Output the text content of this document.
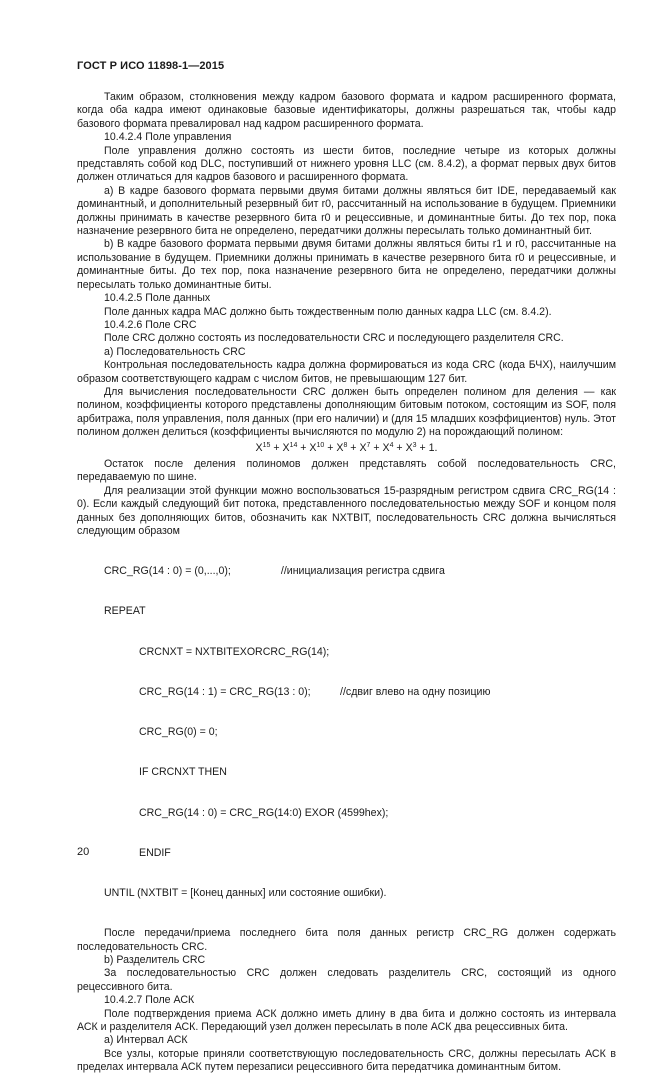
ГОСТ Р ИСО 11898-1—2015

Таким образом, столкновения между кадром базового формата и кадром расширенного формата, когда оба кадра имеют одинаковые базовые идентификаторы, должны разрешаться так, чтобы кадр базового формата превалировал над кадром расширенного формата.

10.4.2.4 Поле управления

Поле управления должно состоять из шести битов, последние четыре из которых должны представлять собой код DLC, поступивший от нижнего уровня LLC (см. 8.4.2), а формат первых двух битов должен отличаться для кадров базового и расширенного формата.

a) В кадре базового формата первыми двумя битами должны являться бит IDE, передаваемый как доминантный, и дополнительный резервный бит r0, рассчитанный на использование в будущем. Приемники должны принимать в качестве резервного бита r0 и рецессивные, и доминантные биты. До тех пор, пока назначение резервного бита не определено, передатчики должны пересылать только доминантный бит.

b) В кадре базового формата первыми двумя битами должны являться биты r1 и r0, рассчитанные на использование в будущем. Приемники должны принимать в качестве резервного бита r0 и рецессивные, и доминантные биты. До тех пор, пока назначение резервного бита не определено, передатчики должны пересылать только доминантные биты.

10.4.2.5 Поле данных

Поле данных кадра МАС должно быть тождественным полю данных кадра LLC (см. 8.4.2).

10.4.2.6 Поле CRC

Поле CRC должно состоять из последовательности CRC и последующего разделителя CRC.

a) Последовательность CRC

Контрольная последовательность кадра должна формироваться из кода CRC (кода БЧХ), наилучшим образом соответствующего кадрам с числом битов, не превышающим 127 бит.

Для вычисления последовательности CRC должен быть определен полином для деления — как полином, коэффициенты которого представлены дополняющим битовым потоком, состоящим из SOF, поля арбитража, поля управления, поля данных (при его наличии) и (для 15 младших коэффициентов) нуль. Этот полином должен делиться (коэффициенты вычисляются по модулю 2) на порождающий полином:

$X^{15} + X^{14} + X^{10} + X^8 + X^7 + X^4 + X^3 + 1$.

Остаток после деления полиномов должен представлять собой последовательность CRC, передаваемую по шине.

Для реализации этой функции можно воспользоваться 15-разрядным регистром сдвига CRC_RG(14 : 0). Если каждый следующий бит потока, представленного последовательностью между SOF и концом поля данных без дополняющих битов, обозначить как NXTBIT, последовательность CRC должна вычисляться следующим образом

CRC_RG(14 : 0) = (0,...,0);                 //инициализация регистра сдвига

REPEAT

CRCNXT = NXTBITEXORCRC_RG(14);

CRC_RG(14 : 1) = CRC_RG(13 : 0);          //сдвиг влево на одну позицию

CRC_RG(0) = 0;

IF CRCNXT THEN

CRC_RG(14 : 0) = CRC_RG(14:0) EXOR (4599hex);

ENDIF

UNTIL (NXTBIT = [Конец данных] или состояние ошибки).

После передачи/приема последнего бита поля данных регистр CRC_RG должен содержать последовательность CRC.

b) Разделитель CRC

За последовательностью CRC должен следовать разделитель CRC, состоящий из одного рецессивного бита.

10.4.2.7 Поле АСК

Поле подтверждения приема АСК должно иметь длину в два бита и должно состоять из интервала АСК и разделителя АСК. Передающий узел должен пересылать в поле АСК два рецессивных бита.

а) Интервал АСК

Все узлы, которые приняли соответствующую последовательность CRC, должны пересылать АСК в пределах интервала АСК путем перезаписи рецессивного бита передатчика доминантным битом.

20
